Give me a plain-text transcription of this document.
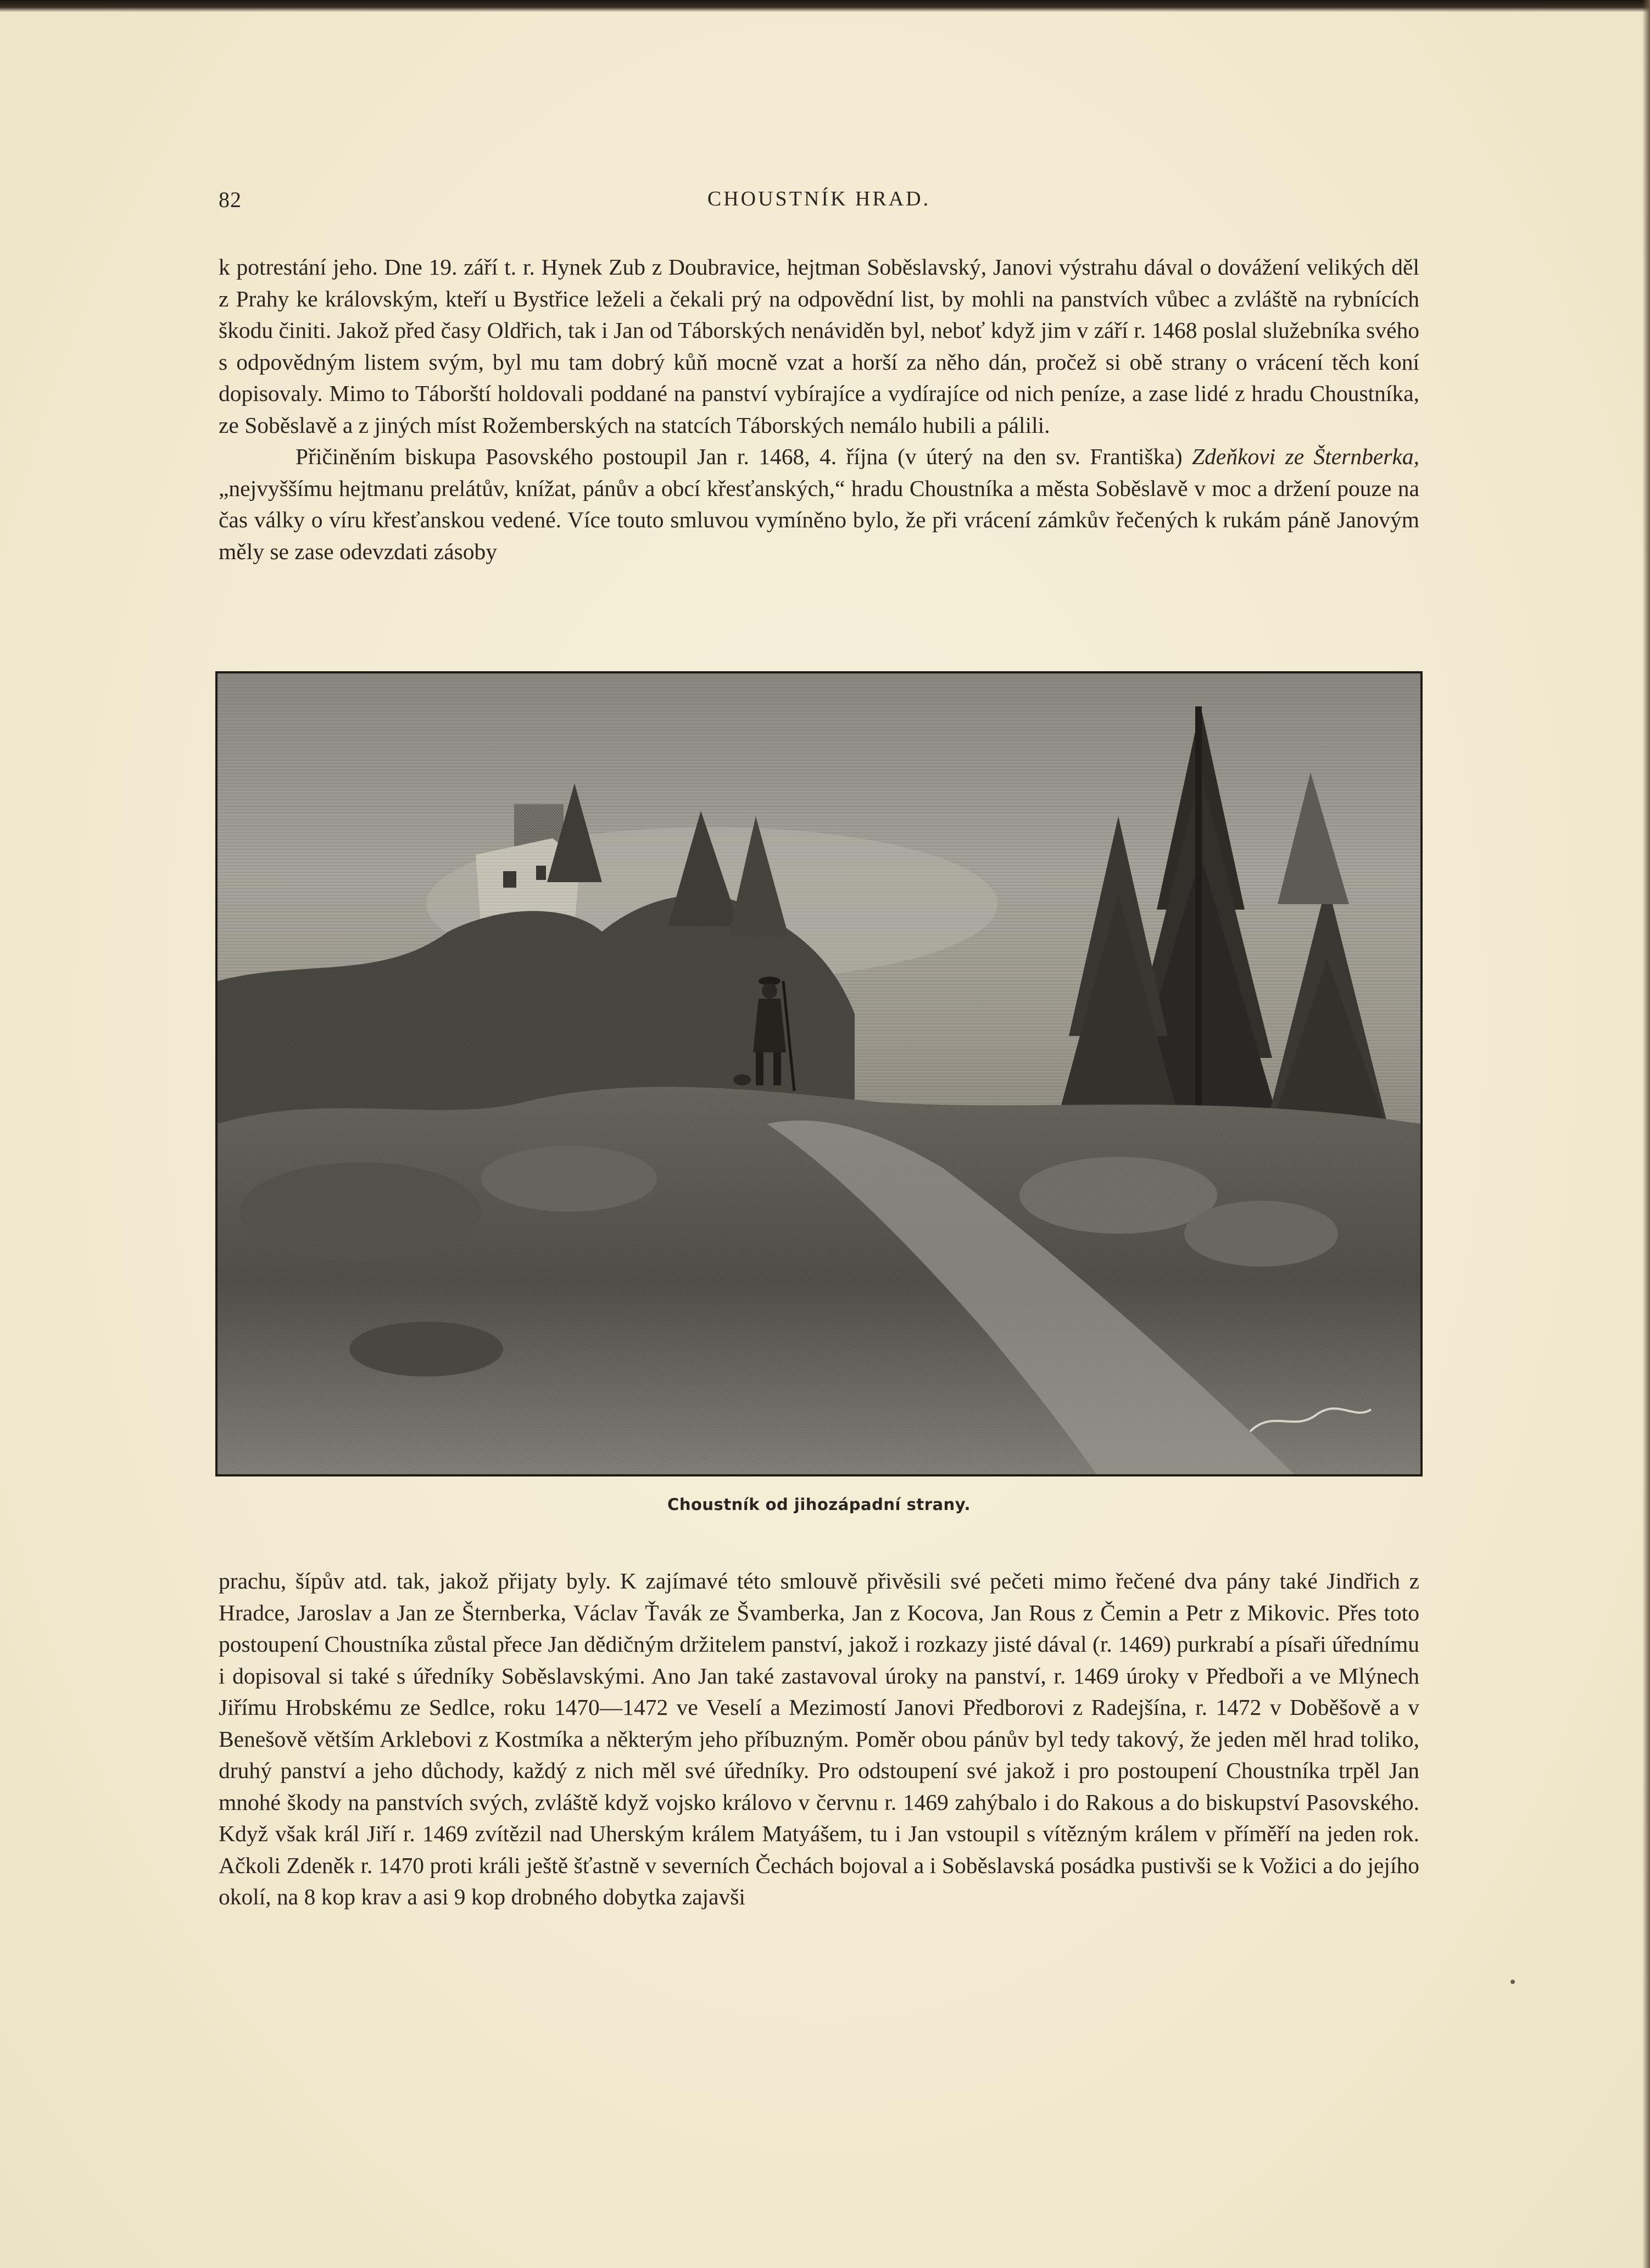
82	CHOUSTNÍK HRAD.

k potrestání jeho. Dne 19. září t. r. Hynek Zub z Doubravice, hejtman Soběslavský, Janovi výstrahu dával o dovážení velikých děl z Prahy ke královským, kteří u Bystřice leželi a čekali prý na odpovědní list, by mohli na panstvích vůbec a zvláště na rybnících škodu činiti. Jakož před časy Oldřich, tak i Jan od Táborských nenáviděn byl, neboť když jim v září r. 1468 poslal služebníka svého s odpovědným listem svým, byl mu tam dobrý kůň mocně vzat a horší za něho dán, pročež si obě strany o vrácení těch koní dopisovaly. Mimo to Táborští holdovali poddané na panství vybírajíce a vydírajíce od nich peníze, a zase lidé z hradu Choustníka, ze Soběslavě a z jiných míst Rožemberských na statcích Táborských nemálo hubili a pálili.

Přičiněním biskupa Pasovského postoupil Jan r. 1468, 4. října (v úterý na den sv. Františka) Zdeňkovi ze Šternberka, „nejvyššímu hejtmanu prelátův, knížat, pánův a obcí křesťanských,“ hradu Choustníka a města Soběslavě v moc a držení pouze na čas války o víru křesťanskou vedené. Více touto smluvou vymíněno bylo, že při vrácení zámkův řečených k rukám páně Janovým měly se zase odevzdati zásoby

Choustník od jihozápadní strany.

prachu, šípův atd. tak, jakož přijaty byly. K zajímavé této smlouvě přivěsili své pečeti mimo řečené dva pány také Jindřich z Hradce, Jaroslav a Jan ze Šternberka, Václav Ťavák ze Švamberka, Jan z Kocova, Jan Rous z Čemin a Petr z Mikovic. Přes toto postoupení Choustníka zůstal přece Jan dědičným držitelem panství, jakož i rozkazy jisté dával (r. 1469) purkrabí a písaři úřednímu i dopisoval si také s úředníky Soběslavskými. Ano Jan také zastavoval úroky na panství, r. 1469 úroky v Předboři a ve Mlýnech Jiřímu Hrobskému ze Sedlce, roku 1470—1472 ve Veselí a Mezimostí Janovi Předborovi z Radejšína, r. 1472 v Doběšově a v Benešově větším Arklebovi z Kostmíka a některým jeho příbuzným. Poměr obou pánův byl tedy takový, že jeden měl hrad toliko, druhý panství a jeho důchody, každý z nich měl své úředníky. Pro odstoupení své jakož i pro postoupení Choustníka trpěl Jan mnohé škody na panstvích svých, zvláště když vojsko královo v červnu r. 1469 zahýbalo i do Rakous a do biskupství Pasovského. Když však král Jiří r. 1469 zvítězil nad Uherským králem Matyášem, tu i Jan vstoupil s vítězným králem v příměří na jeden rok. Ačkoli Zdeněk r. 1470 proti králi ještě šťastně v severních Čechách bojoval a i Soběslavská posádka pustivši se k Vožici a do jejího okolí, na 8 kop krav a asi 9 kop drobného dobytka zajavši
